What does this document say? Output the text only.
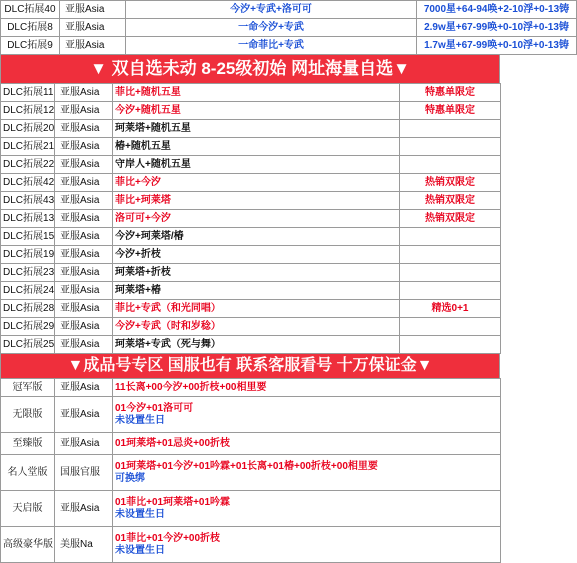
DLC拓展40	亚服Asia	今汐+专武+洛可可	7000星+64-94唤+2-10浮+0-13铸
DLC拓展8	亚服Asia	一命今汐+专武	2.9w星+67-99唤+0-10浮+0-13铸
DLC拓展9	亚服Asia	一命菲比+专武	1.7w星+67-99唤+0-10浮+0-13铸
▼ 双自选未动 8-25级初始 网址海量自选▼
DLC拓展11	亚服Asia	菲比+随机五星	特惠单限定
DLC拓展12	亚服Asia	今汐+随机五星	特惠单限定
DLC拓展20	亚服Asia	珂莱塔+随机五星	
DLC拓展21	亚服Asia	椿+随机五星	
DLC拓展22	亚服Asia	守岸人+随机五星	
DLC拓展42	亚服Asia	菲比+今汐	热销双限定
DLC拓展43	亚服Asia	菲比+珂莱塔	热销双限定
DLC拓展13	亚服Asia	洛可可+今汐	热销双限定
DLC拓展15	亚服Asia	今汐+珂莱塔/椿	
DLC拓展19	亚服Asia	今汐+折枝	
DLC拓展23	亚服Asia	珂莱塔+折枝	
DLC拓展24	亚服Asia	珂莱塔+椿	
DLC拓展28	亚服Asia	菲比+专武（和光同唱）	精选0+1
DLC拓展29	亚服Asia	今汐+专武（时和岁稔）	
DLC拓展25	亚服Asia	珂莱塔+专武（死与舞）	
▼成品号专区 国服也有 联系客服看号 十万保证金▼
冠军版	亚服Asia	11长离+00今汐+00折枝+00相里要
无限版	亚服Asia	01今汐+01洛可可
未设置生日

至臻版	亚服Asia	01珂莱塔+01忌炎+00折枝
名人堂版	国服官服	01珂莱塔+01今汐+01吟霖+01长离+01椿+00折枝+00相里要
可换绑

天启版	亚服Asia	01菲比+01珂莱塔+01吟霖
未设置生日

高级豪华版	美服Na	01菲比+01今汐+00折枝
未设置生日
